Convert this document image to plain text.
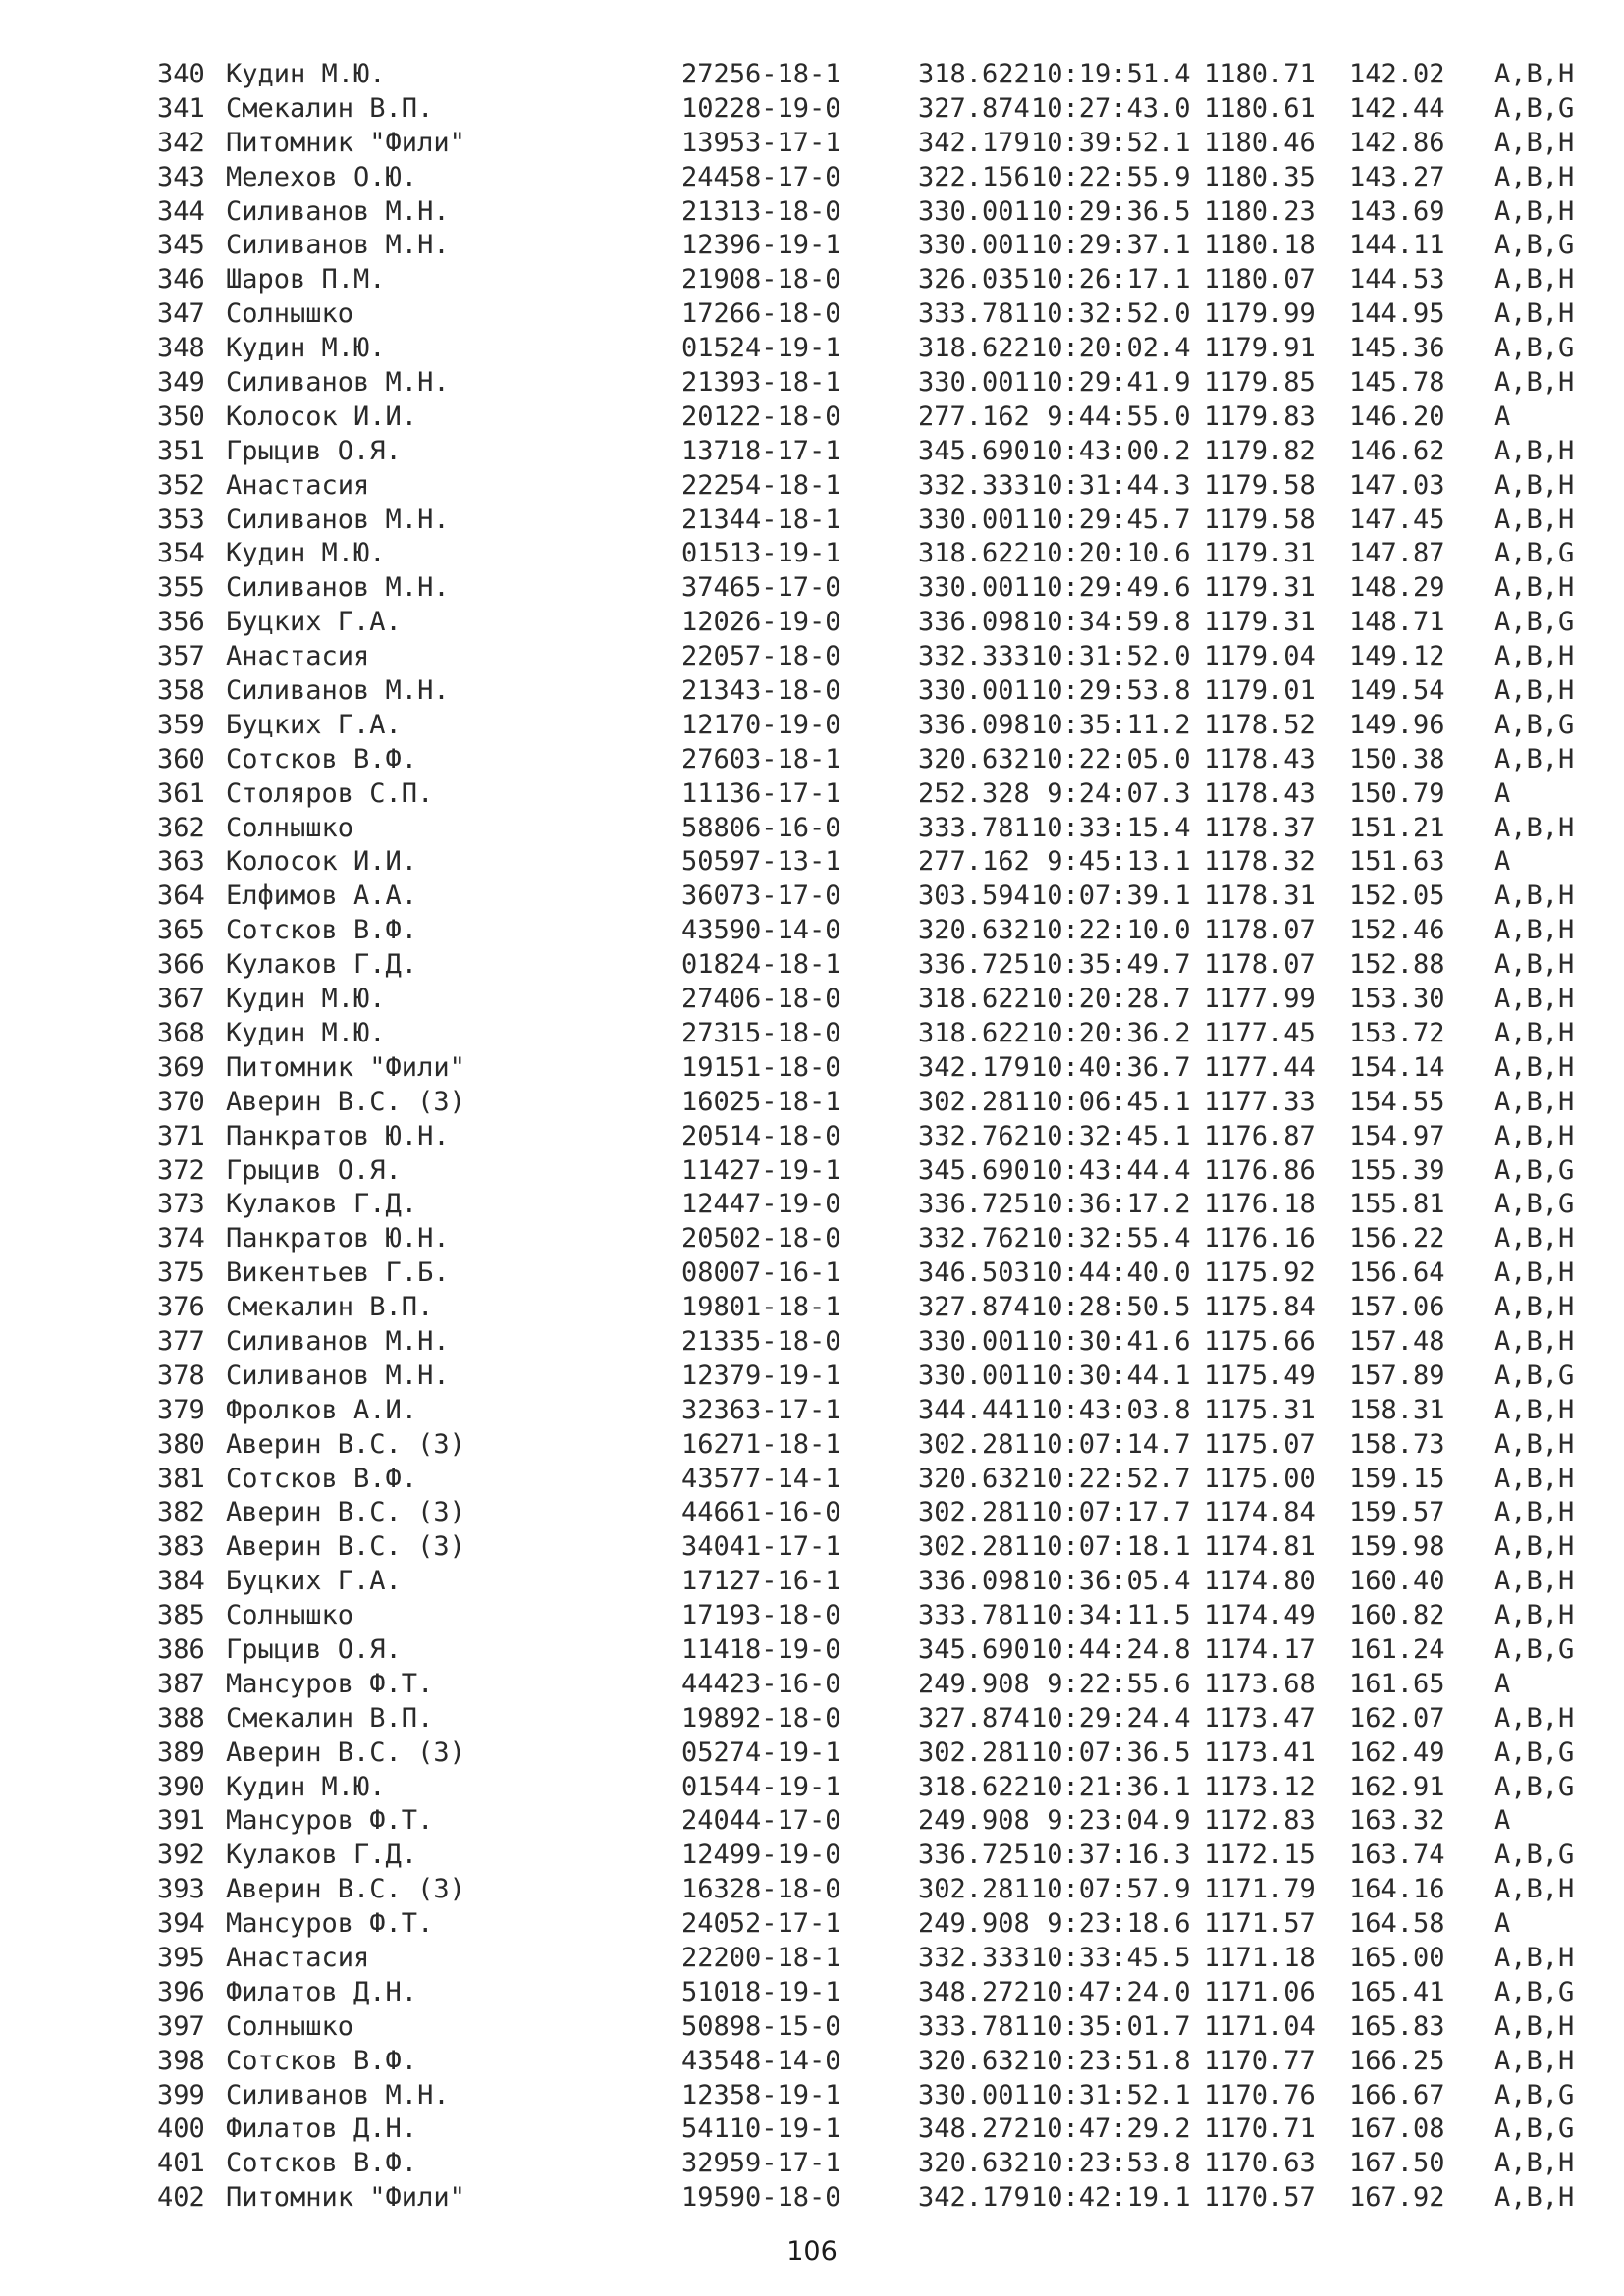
340 Кудин М.Ю.	27256-18-1	318.62210:19:51.4 1180.71 142.02 A,B,H
341 Смекалин В.П.	10228-19-0	327.87410:27:43.0 1180.61 142.44 A,B,G
342 Питомник "Фили"	13953-17-1	342.17910:39:52.1 1180.46 142.86 A,B,H
343 Мелехов О.Ю.	24458-17-0	322.15610:22:55.9 1180.35 143.27 A,B,H
344 Силиванов М.Н.	21313-18-0	330.00110:29:36.5 1180.23 143.69 A,B,H
345 Силиванов М.Н.	12396-19-1	330.00110:29:37.1 1180.18 144.11 A,B,G
346 Шаров П.М.	21908-18-0	326.03510:26:17.1 1180.07 144.53 A,B,H
347 Солнышко	17266-18-0	333.78110:32:52.0 1179.99 144.95 A,B,H
348 Кудин М.Ю.	01524-19-1	318.62210:20:02.4 1179.91 145.36 A,B,G
349 Силиванов М.Н.	21393-18-1	330.00110:29:41.9 1179.85 145.78 A,B,H
350 Колосок И.И.	20122-18-0	277.162 9:44:55.0 1179.83 146.20 A
351 Грыцив О.Я.	13718-17-1	345.69010:43:00.2 1179.82 146.62 A,B,H
352 Анастасия	22254-18-1	332.33310:31:44.3 1179.58 147.03 A,B,H
353 Силиванов М.Н.	21344-18-1	330.00110:29:45.7 1179.58 147.45 A,B,H
354 Кудин М.Ю.	01513-19-1	318.62210:20:10.6 1179.31 147.87 A,B,G
355 Силиванов М.Н.	37465-17-0	330.00110:29:49.6 1179.31 148.29 A,B,H
356 Буцких Г.А.	12026-19-0	336.09810:34:59.8 1179.31 148.71 A,B,G
357 Анастасия	22057-18-0	332.33310:31:52.0 1179.04 149.12 A,B,H
358 Силиванов М.Н.	21343-18-0	330.00110:29:53.8 1179.01 149.54 A,B,H
359 Буцких Г.А.	12170-19-0	336.09810:35:11.2 1178.52 149.96 A,B,G
360 Сотсков В.Ф.	27603-18-1	320.63210:22:05.0 1178.43 150.38 A,B,H
361 Столяров С.П.	11136-17-1	252.328 9:24:07.3 1178.43 150.79 A
362 Солнышко	58806-16-0	333.78110:33:15.4 1178.37 151.21 A,B,H
363 Колосок И.И.	50597-13-1	277.162 9:45:13.1 1178.32 151.63 A
364 Елфимов А.А.	36073-17-0	303.59410:07:39.1 1178.31 152.05 A,B,H
365 Сотсков В.Ф.	43590-14-0	320.63210:22:10.0 1178.07 152.46 A,B,H
366 Кулаков Г.Д.	01824-18-1	336.72510:35:49.7 1178.07 152.88 A,B,H
367 Кудин М.Ю.	27406-18-0	318.62210:20:28.7 1177.99 153.30 A,B,H
368 Кудин М.Ю.	27315-18-0	318.62210:20:36.2 1177.45 153.72 A,B,H
369 Питомник "Фили"	19151-18-0	342.17910:40:36.7 1177.44 154.14 A,B,H
370 Аверин В.С. (З)	16025-18-1	302.28110:06:45.1 1177.33 154.55 A,B,H
371 Панкратов Ю.Н.	20514-18-0	332.76210:32:45.1 1176.87 154.97 A,B,H
372 Грыцив О.Я.	11427-19-1	345.69010:43:44.4 1176.86 155.39 A,B,G
373 Кулаков Г.Д.	12447-19-0	336.72510:36:17.2 1176.18 155.81 A,B,G
374 Панкратов Ю.Н.	20502-18-0	332.76210:32:55.4 1176.16 156.22 A,B,H
375 Викентьев Г.Б.	08007-16-1	346.50310:44:40.0 1175.92 156.64 A,B,H
376 Смекалин В.П.	19801-18-1	327.87410:28:50.5 1175.84 157.06 A,B,H
377 Силиванов М.Н.	21335-18-0	330.00110:30:41.6 1175.66 157.48 A,B,H
378 Силиванов М.Н.	12379-19-1	330.00110:30:44.1 1175.49 157.89 A,B,G
379 Фролков А.И.	32363-17-1	344.44110:43:03.8 1175.31 158.31 A,B,H
380 Аверин В.С. (З)	16271-18-1	302.28110:07:14.7 1175.07 158.73 A,B,H
381 Сотсков В.Ф.	43577-14-1	320.63210:22:52.7 1175.00 159.15 A,B,H
382 Аверин В.С. (З)	44661-16-0	302.28110:07:17.7 1174.84 159.57 A,B,H
383 Аверин В.С. (З)	34041-17-1	302.28110:07:18.1 1174.81 159.98 A,B,H
384 Буцких Г.А.	17127-16-1	336.09810:36:05.4 1174.80 160.40 A,B,H
385 Солнышко	17193-18-0	333.78110:34:11.5 1174.49 160.82 A,B,H
386 Грыцив О.Я.	11418-19-0	345.69010:44:24.8 1174.17 161.24 A,B,G
387 Мансуров Ф.Т.	44423-16-0	249.908 9:22:55.6 1173.68 161.65 A
388 Смекалин В.П.	19892-18-0	327.87410:29:24.4 1173.47 162.07 A,B,H
389 Аверин В.С. (З)	05274-19-1	302.28110:07:36.5 1173.41 162.49 A,B,G
390 Кудин М.Ю.	01544-19-1	318.62210:21:36.1 1173.12 162.91 A,B,G
391 Мансуров Ф.Т.	24044-17-0	249.908 9:23:04.9 1172.83 163.32 A
392 Кулаков Г.Д.	12499-19-0	336.72510:37:16.3 1172.15 163.74 A,B,G
393 Аверин В.С. (З)	16328-18-0	302.28110:07:57.9 1171.79 164.16 A,B,H
394 Мансуров Ф.Т.	24052-17-1	249.908 9:23:18.6 1171.57 164.58 A
395 Анастасия	22200-18-1	332.33310:33:45.5 1171.18 165.00 A,B,H
396 Филатов Д.Н.	51018-19-1	348.27210:47:24.0 1171.06 165.41 A,B,G
397 Солнышко	50898-15-0	333.78110:35:01.7 1171.04 165.83 A,B,H
398 Сотсков В.Ф.	43548-14-0	320.63210:23:51.8 1170.77 166.25 A,B,H
399 Силиванов М.Н.	12358-19-1	330.00110:31:52.1 1170.76 166.67 A,B,G
400 Филатов Д.Н.	54110-19-1	348.27210:47:29.2 1170.71 167.08 A,B,G
401 Сотсков В.Ф.	32959-17-1	320.63210:23:53.8 1170.63 167.50 A,B,H
402 Питомник "Фили"	19590-18-0	342.17910:42:19.1 1170.57 167.92 A,B,H
106
